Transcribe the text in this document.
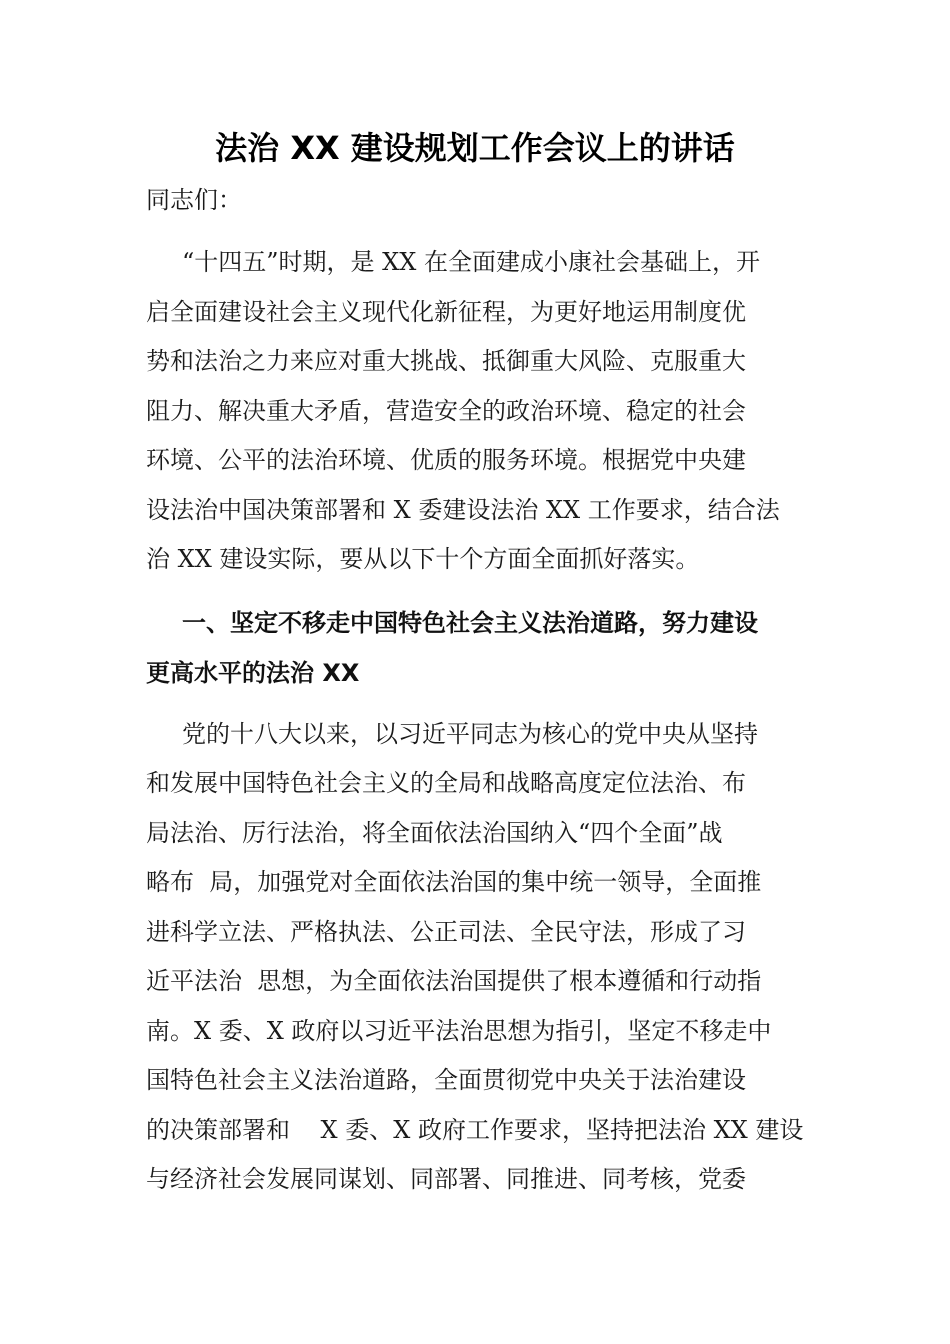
法治 XX 建设规划工作会议上的讲话

同志们：

“十四五”时期，是 XX 在全面建成小康社会基础上，开

启全面建设社会主义现代化新征程，为更好地运用制度优

势和法治之力来应对重大挑战、抵御重大风险、克服重大

阻力、解决重大矛盾，营造安全的政治环境、稳定的社会

环境、公平的法治环境、优质的服务环境。根据党中央建

设法治中国决策部署和 X 委建设法治 XX 工作要求，结合法

治 XX 建设实际，要从以下十个方面全面抓好落实。

一、坚定不移走中国特色社会主义法治道路，努力建设

更高水平的法治 XX

党的十八大以来，以习近平同志为核心的党中央从坚持

和发展中国特色社会主义的全局和战略高度定位法治、布

局法治、厉行法治，将全面依法治国纳入“四个全面”战

略布  局，加强党对全面依法治国的集中统一领导，全面推

进科学立法、严格执法、公正司法、全民守法，形成了习

近平法治  思想，为全面依法治国提供了根本遵循和行动指

南。X 委、X 政府以习近平法治思想为指引，坚定不移走中

国特色社会主义法治道路，全面贯彻党中央关于法治建设

的决策部署和    X 委、X 政府工作要求，坚持把法治 XX 建设

与经济社会发展同谋划、同部署、同推进、同考核，党委
